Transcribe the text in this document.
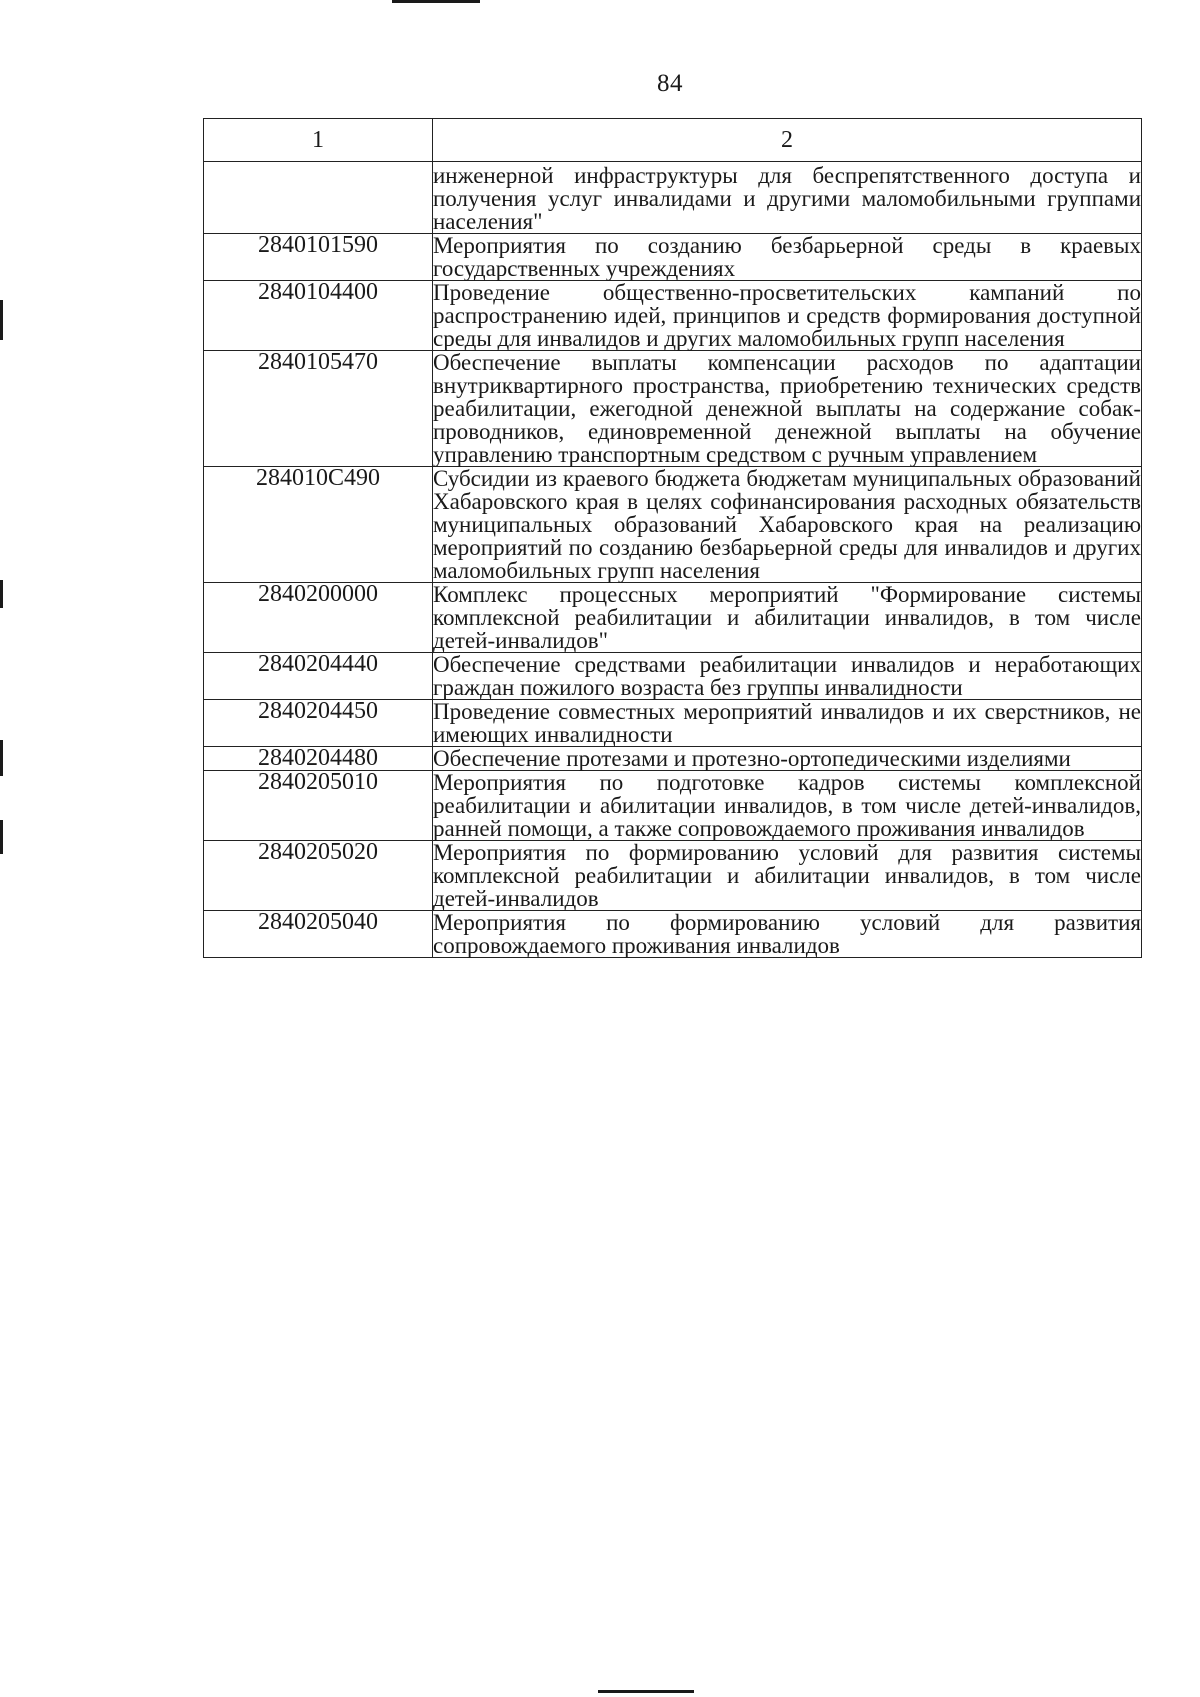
84
1	2
	инженерной инфраструктуры для беспрепятственного доступа и получения услуг инвалидами и другими маломобильными группами населения"
2840101590	Мероприятия по созданию безбарьерной среды в краевых государственных учреждениях
2840104400	Проведение общественно-просветительских кампаний по распространению идей, принципов и средств формирования доступной среды для инвалидов и других маломобильных групп населения
2840105470	Обеспечение выплаты компенсации расходов по адаптации внутриквартирного пространства, приобретению технических средств реабилитации, ежегодной денежной выплаты на содержание собак-проводников, единовременной денежной выплаты на обучение управлению транспортным средством с ручным управлением
284010С490	Субсидии из краевого бюджета бюджетам муниципальных образований Хабаровского края в целях софинансирования расходных обязательств муниципальных образований Хабаровского края на реализацию мероприятий по созданию безбарьерной среды для инвалидов и других маломобильных групп населения
2840200000	Комплекс процессных мероприятий "Формирование системы комплексной реабилитации и абилитации инвалидов, в том числе детей-инвалидов"
2840204440	Обеспечение средствами реабилитации инвалидов и неработающих граждан пожилого возраста без группы инвалидности
2840204450	Проведение совместных мероприятий инвалидов и их сверстников, не имеющих инвалидности
2840204480	Обеспечение протезами и протезно-ортопедическими изделиями
2840205010	Мероприятия по подготовке кадров системы комплексной реабилитации и абилитации инвалидов, в том числе детей-инвалидов, ранней помощи, а также сопровождаемого проживания инвалидов
2840205020	Мероприятия по формированию условий для развития системы комплексной реабилитации и абилитации инвалидов, в том числе детей-инвалидов
2840205040	Мероприятия по формированию условий для развития сопровождаемого проживания инвалидов
